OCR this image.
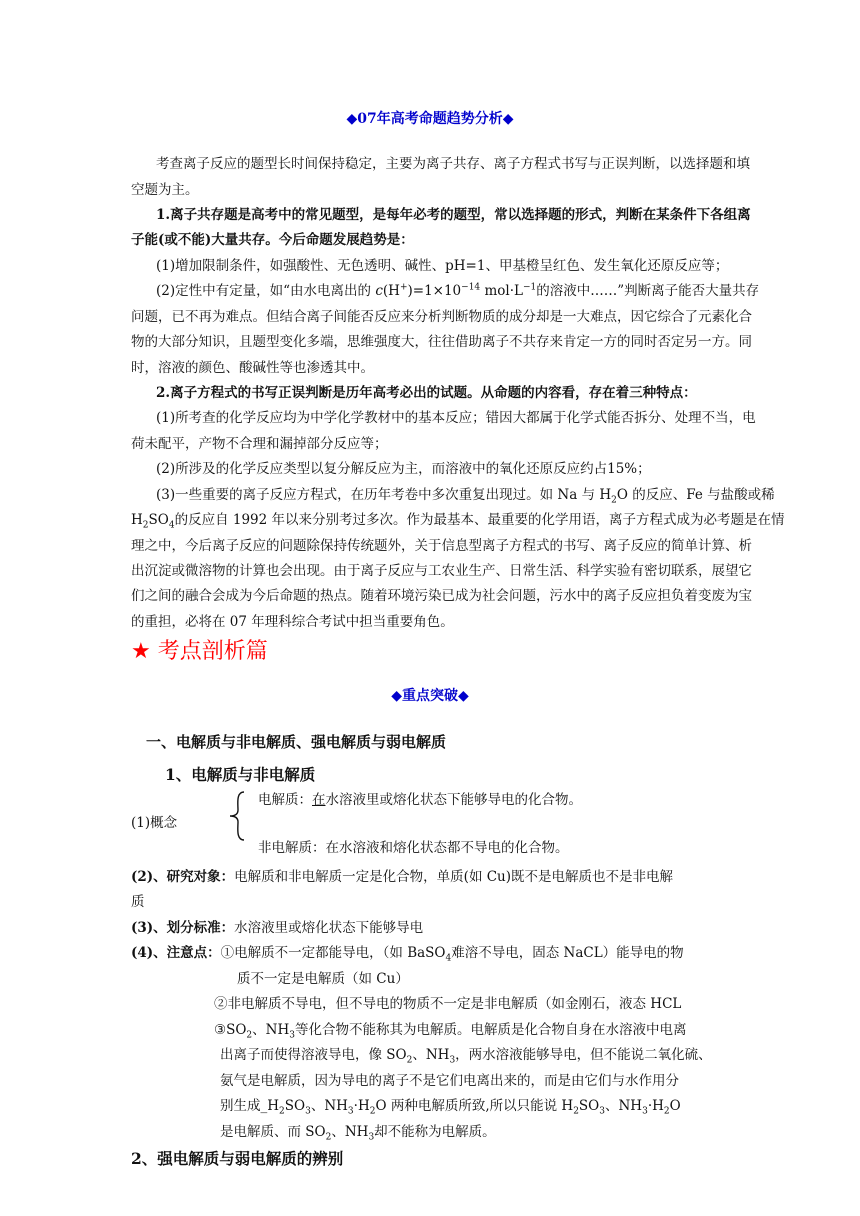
◆07年高考命题趋势分析◆
考查离子反应的题型长时间保持稳定，主要为离子共存、离子方程式书写与正误判断，以选择题和填
空题为主。
1.离子共存题是高考中的常见题型，是每年必考的题型，常以选择题的形式，判断在某条件下各组离
子能(或不能)大量共存。今后命题发展趋势是：
(1)增加限制条件，如强酸性、无色透明、碱性、pH=1、甲基橙呈红色、发生氧化还原反应等；
(2)定性中有定量，如“由水电离出的 $c(H^+)=1\times 10^{-14}$ $mol\cdot L^{-1}$的溶液中……”判断离子能否大量共存
问题，已不再为难点。但结合离子间能否反应来分析判断物质的成分却是一大难点，因它综合了元素化合
物的大部分知识，且题型变化多端，思维强度大，往往借助离子不共存来肯定一方的同时否定另一方。同
时，溶液的颜色、酸碱性等也渗透其中。
2.离子方程式的书写正误判断是历年高考必出的试题。从命题的内容看，存在着三种特点：
(1)所考查的化学反应均为中学化学教材中的基本反应；错因大都属于化学式能否拆分、处理不当，电
荷未配平，产物不合理和漏掉部分反应等；
(2)所涉及的化学反应类型以复分解反应为主，而溶液中的氧化还原反应约占15%；
(3)一些重要的离子反应方程式，在历年考卷中多次重复出现过。如 Na 与 $H_2O$ 的反应、Fe 与盐酸或稀
$H_2SO_4$的反应自 1992 年以来分别考过多次。作为最基本、最重要的化学用语，离子方程式成为必考题是在情
理之中，今后离子反应的问题除保持传统题外，关于信息型离子方程式的书写、离子反应的简单计算、析
出沉淀或微溶物的计算也会出现。由于离子反应与工农业生产、日常生活、科学实验有密切联系，展望它
们之间的融合会成为今后命题的热点。随着环境污染已成为社会问题，污水中的离子反应担负着变废为宝
的重担，必将在 07 年理科综合考试中担当重要角色。
★ 考点剖析篇
◆重点突破◆
一、电解质与非电解质、强电解质与弱电解质
1、电解质与非电解质
电解质：在水溶液里或熔化状态下能够导电的化合物。
(1)概念
非电解质：在水溶液和熔化状态都不导电的化合物。
(2)、研究对象：电解质和非电解质一定是化合物，单质(如 Cu)既不是电解质也不是非电解
质
(3)、划分标准：水溶液里或熔化状态下能够导电
(4)、注意点：①电解质不一定都能导电，（如 BaSO$_4$难溶不导电，固态 NaCL）能导电的物
质不一定是电解质（如 Cu）
②非电解质不导电，但不导电的物质不一定是非电解质（如金刚石，液态 HCL
$③SO_2$、$NH_3$等化合物不能称其为电解质。电解质是化合物自身在水溶液中电离
出离子而使得溶液导电，像 $SO_2$、$NH_3$，两水溶液能够导电，但不能说二氧化硫、
氨气是电解质，因为导电的离子不是它们电离出来的，而是由它们与水作用分
别生成$\_H_2SO_3$、$NH_3\cdot H_2O$ 两种电解质所致,所以只能说 $H_2SO_3$、$NH_3\cdot H_2O$
是电解质、而 $SO_2$、$NH_3$却不能称为电解质。
2、强电解质与弱电解质的辨别
